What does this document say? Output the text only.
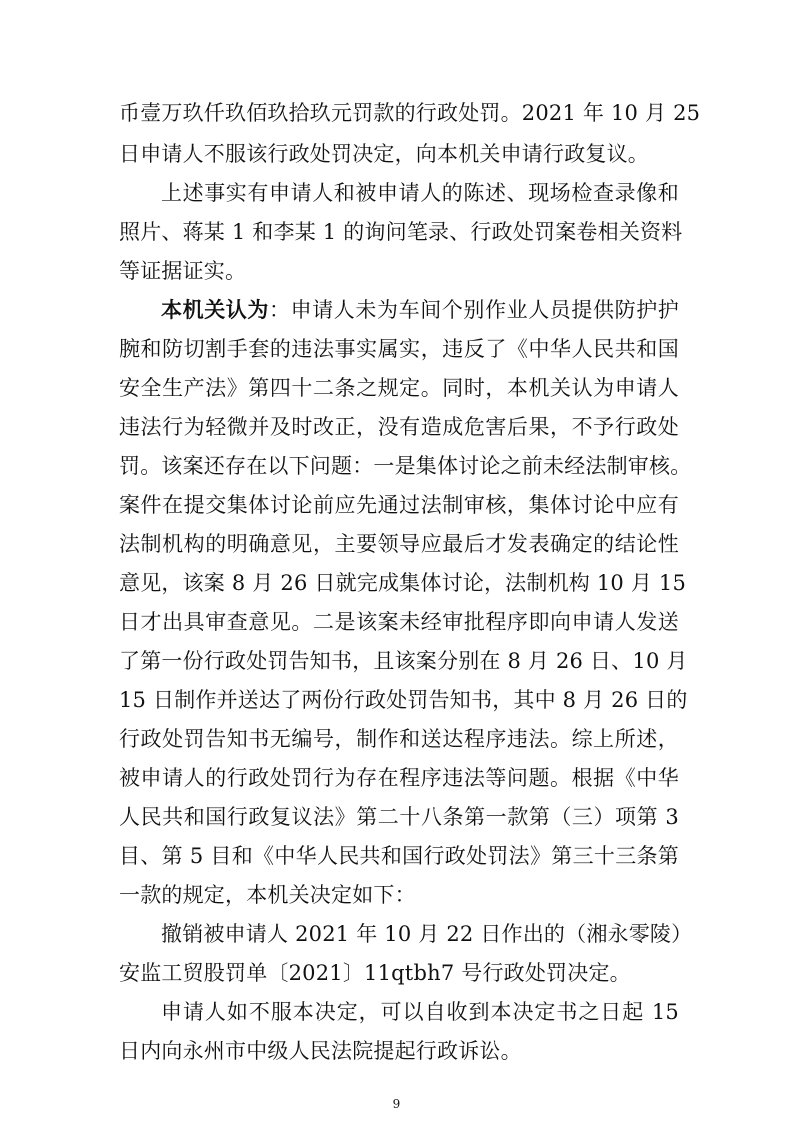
币壹万玖仟玖佰玖拾玖元罚款的行政处罚。2021 年 10 月 25
日申请人不服该行政处罚决定，向本机关申请行政复议。
上述事实有申请人和被申请人的陈述、现场检查录像和
照片、蒋某 1 和李某 1 的询问笔录、行政处罚案卷相关资料
等证据证实。
本机关认为：申请人未为车间个别作业人员提供防护护
腕和防切割手套的违法事实属实，违反了《中华人民共和国
安全生产法》第四十二条之规定。同时，本机关认为申请人
违法行为轻微并及时改正，没有造成危害后果，不予行政处
罚。该案还存在以下问题：一是集体讨论之前未经法制审核。
案件在提交集体讨论前应先通过法制审核，集体讨论中应有
法制机构的明确意见，主要领导应最后才发表确定的结论性
意见，该案 8 月 26 日就完成集体讨论，法制机构 10 月 15
日才出具审查意见。二是该案未经审批程序即向申请人发送
了第一份行政处罚告知书，且该案分别在 8 月 26 日、10 月
15 日制作并送达了两份行政处罚告知书，其中 8 月 26 日的
行政处罚告知书无编号，制作和送达程序违法。综上所述，
被申请人的行政处罚行为存在程序违法等问题。根据《中华
人民共和国行政复议法》第二十八条第一款第（三）项第 3
目、第 5 目和《中华人民共和国行政处罚法》第三十三条第
一款的规定，本机关决定如下：
撤销被申请人 2021 年 10 月 22 日作出的（湘永零陵）
安监工贸股罚单〔2021〕11qtbh7 号行政处罚决定。
申请人如不服本决定，可以自收到本决定书之日起 15
日内向永州市中级人民法院提起行政诉讼。
9
